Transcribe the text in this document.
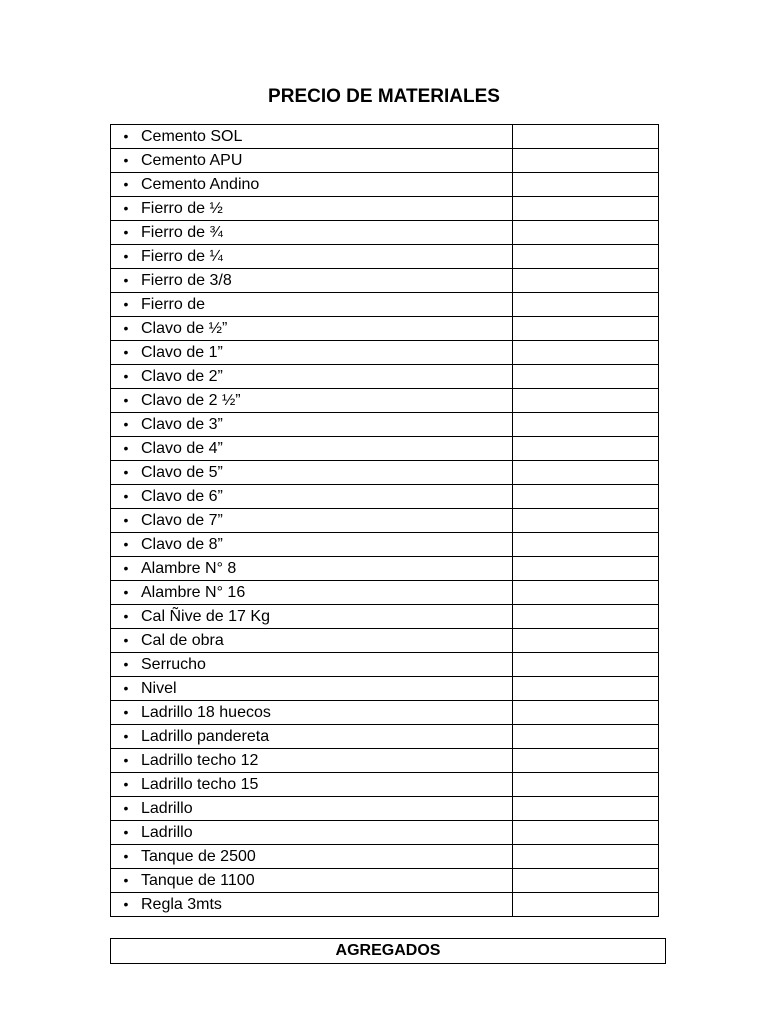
PRECIO DE MATERIALES
• Cemento SOL	
• Cemento APU	
• Cemento Andino	
• Fierro de ½	
• Fierro de ¾	
• Fierro de ¼	
• Fierro de 3/8	
• Fierro de	
• Clavo de ½”	
• Clavo de 1”	
• Clavo de 2”	
• Clavo de 2 ½”	
• Clavo de 3”	
• Clavo de 4”	
• Clavo de 5”	
• Clavo de 6”	
• Clavo de 7”	
• Clavo de 8”	
• Alambre N° 8	
• Alambre N° 16	
• Cal Ñive de 17 Kg	
• Cal de obra	
• Serrucho	
• Nivel	
• Ladrillo 18 huecos	
• Ladrillo pandereta	
• Ladrillo techo 12	
• Ladrillo techo 15	
• Ladrillo	
• Ladrillo	
• Tanque de 2500	
• Tanque de 1100	
• Regla 3mts	
AGREGADOS
